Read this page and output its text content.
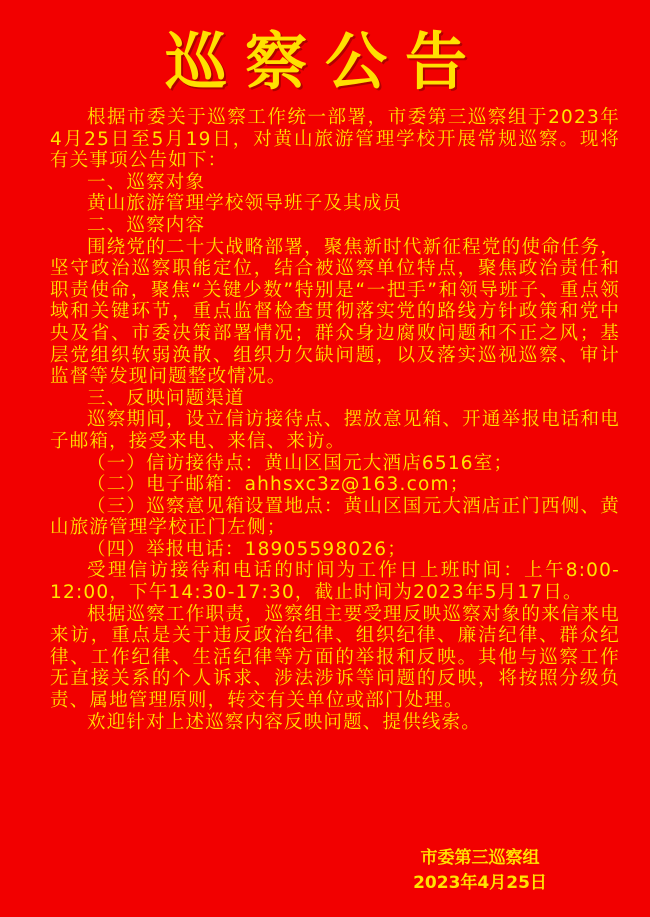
巡察公告

根据市委关于巡察工作统一部署，市委第三巡察组于2023年4月25日至5月19日，对黄山旅游管理学校开展常规巡察。现将有关事项公告如下：

一、巡察对象

黄山旅游管理学校领导班子及其成员

二、巡察内容

围绕党的二十大战略部署，聚焦新时代新征程党的使命任务，坚守政治巡察职能定位，结合被巡察单位特点，聚焦政治责任和职责使命，聚焦“关键少数”特别是“一把手”和领导班子、重点领域和关键环节，重点监督检查贯彻落实党的路线方针政策和党中央及省、市委决策部署情况；群众身边腐败问题和不正之风；基层党组织软弱涣散、组织力欠缺问题，以及落实巡视巡察、审计监督等发现问题整改情况。

三、反映问题渠道

巡察期间，设立信访接待点、摆放意见箱、开通举报电话和电子邮箱，接受来电、来信、来访。

（一）信访接待点：黄山区国元大酒店6516室；

（二）电子邮箱：ahhsxc3z@163.com；

（三）巡察意见箱设置地点：黄山区国元大酒店正门西侧、黄山旅游管理学校正门左侧；

（四）举报电话：18905598026；

受理信访接待和电话的时间为工作日上班时间：上午8:00-12:00，下午14:30-17:30，截止时间为2023年5月17日。

根据巡察工作职责，巡察组主要受理反映巡察对象的来信来电来访，重点是关于违反政治纪律、组织纪律、廉洁纪律、群众纪律、工作纪律、生活纪律等方面的举报和反映。其他与巡察工作无直接关系的个人诉求、涉法涉诉等问题的反映，将按照分级负责、属地管理原则，转交有关单位或部门处理。

欢迎针对上述巡察内容反映问题、提供线索。

市委第三巡察组
2023年4月25日
